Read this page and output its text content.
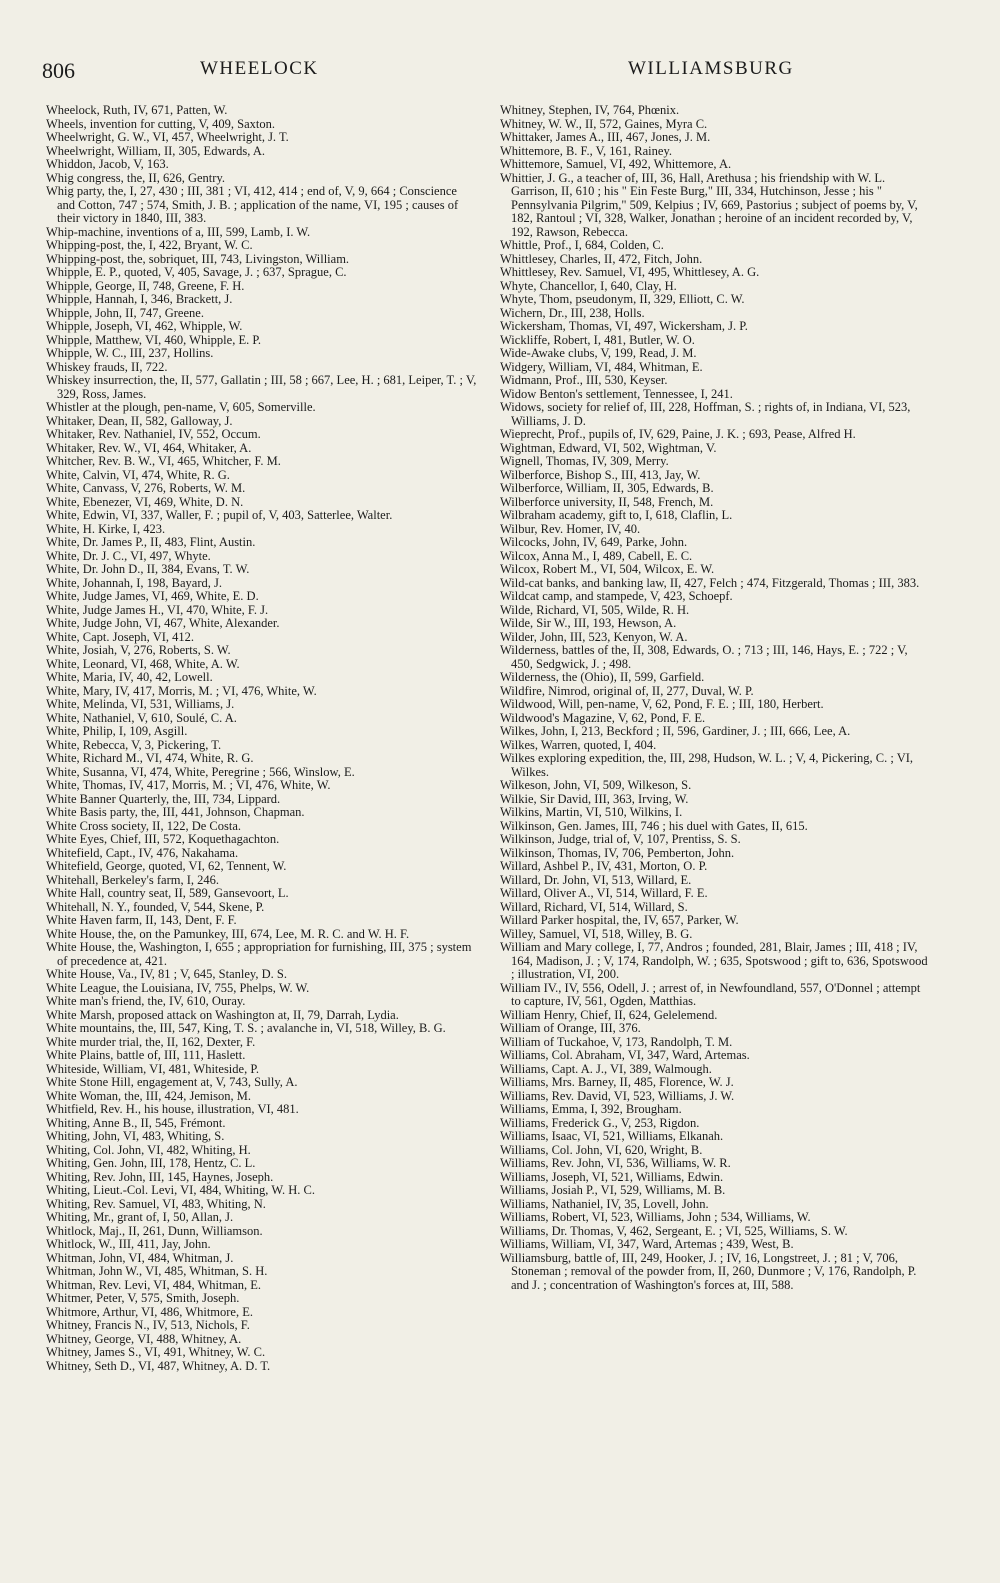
806	WHEELOCK	WILLIAMSBURG

Wheelock, Ruth, IV, 671, Patten, W.

Wheels, invention for cutting, V, 409, Saxton.

Wheelwright, G. W., VI, 457, Wheelwright, J. T.

Wheelwright, William, II, 305, Edwards, A.

Whiddon, Jacob, V, 163.

Whig congress, the, II, 626, Gentry.

Whig party, the, I, 27, 430 ; III, 381 ; VI, 412, 414 ; end of, V, 9, 664 ; Conscience and Cotton, 747 ; 574, Smith, J. B. ; application of the name, VI, 195 ; causes of their victory in 1840, III, 383.

Whip-machine, inventions of a, III, 599, Lamb, I. W.

Whipping-post, the, I, 422, Bryant, W. C.

Whipping-post, the, sobriquet, III, 743, Livingston, William.

Whipple, E. P., quoted, V, 405, Savage, J. ; 637, Sprague, C.

Whipple, George, II, 748, Greene, F. H.

Whipple, Hannah, I, 346, Brackett, J.

Whipple, John, II, 747, Greene.

Whipple, Joseph, VI, 462, Whipple, W.

Whipple, Matthew, VI, 460, Whipple, E. P.

Whipple, W. C., III, 237, Hollins.

Whiskey frauds, II, 722.

Whiskey insurrection, the, II, 577, Gallatin ; III, 58 ; 667, Lee, H. ; 681, Leiper, T. ; V, 329, Ross, James.

Whistler at the plough, pen-name, V, 605, Somerville.

Whitaker, Dean, II, 582, Galloway, J.

Whitaker, Rev. Nathaniel, IV, 552, Occum.

Whitaker, Rev. W., VI, 464, Whitaker, A.

Whitcher, Rev. B. W., VI, 465, Whitcher, F. M.

White, Calvin, VI, 474, White, R. G.

White, Canvass, V, 276, Roberts, W. M.

White, Ebenezer, VI, 469, White, D. N.

White, Edwin, VI, 337, Waller, F. ; pupil of, V, 403, Satterlee, Walter.

White, H. Kirke, I, 423.

White, Dr. James P., II, 483, Flint, Austin.

White, Dr. J. C., VI, 497, Whyte.

White, Dr. John D., II, 384, Evans, T. W.

White, Johannah, I, 198, Bayard, J.

White, Judge James, VI, 469, White, E. D.

White, Judge James H., VI, 470, White, F. J.

White, Judge John, VI, 467, White, Alexander.

White, Capt. Joseph, VI, 412.

White, Josiah, V, 276, Roberts, S. W.

White, Leonard, VI, 468, White, A. W.

White, Maria, IV, 40, 42, Lowell.

White, Mary, IV, 417, Morris, M. ; VI, 476, White, W.

White, Melinda, VI, 531, Williams, J.

White, Nathaniel, V, 610, Soulé, C. A.

White, Philip, I, 109, Asgill.

White, Rebecca, V, 3, Pickering, T.

White, Richard M., VI, 474, White, R. G.

White, Susanna, VI, 474, White, Peregrine ; 566, Winslow, E.

White, Thomas, IV, 417, Morris, M. ; VI, 476, White, W.

White Banner Quarterly, the, III, 734, Lippard.

White Basis party, the, III, 441, Johnson, Chapman.

White Cross society, II, 122, De Costa.

White Eyes, Chief, III, 572, Koquethagachton.

Whitefield, Capt., IV, 476, Nakahama.

Whitefield, George, quoted, VI, 62, Tennent, W.

Whitehall, Berkeley's farm, I, 246.

White Hall, country seat, II, 589, Gansevoort, L.

Whitehall, N. Y., founded, V, 544, Skene, P.

White Haven farm, II, 143, Dent, F. F.

White House, the, on the Pamunkey, III, 674, Lee, M. R. C. and W. H. F.

White House, the, Washington, I, 655 ; appropriation for furnishing, III, 375 ; system of precedence at, 421.

White House, Va., IV, 81 ; V, 645, Stanley, D. S.

White League, the Louisiana, IV, 755, Phelps, W. W.

White man's friend, the, IV, 610, Ouray.

White Marsh, proposed attack on Washington at, II, 79, Darrah, Lydia.

White mountains, the, III, 547, King, T. S. ; avalanche in, VI, 518, Willey, B. G.

White murder trial, the, II, 162, Dexter, F.

White Plains, battle of, III, 111, Haslett.

Whiteside, William, VI, 481, Whiteside, P.

White Stone Hill, engagement at, V, 743, Sully, A.

White Woman, the, III, 424, Jemison, M.

Whitfield, Rev. H., his house, illustration, VI, 481.

Whiting, Anne B., II, 545, Frémont.

Whiting, John, VI, 483, Whiting, S.

Whiting, Col. John, VI, 482, Whiting, H.

Whiting, Gen. John, III, 178, Hentz, C. L.

Whiting, Rev. John, III, 145, Haynes, Joseph.

Whiting, Lieut.-Col. Levi, VI, 484, Whiting, W. H. C.

Whiting, Rev. Samuel, VI, 483, Whiting, N.

Whiting, Mr., grant of, I, 50, Allan, J.

Whitlock, Maj., II, 261, Dunn, Williamson.

Whitlock, W., III, 411, Jay, John.

Whitman, John, VI, 484, Whitman, J.

Whitman, John W., VI, 485, Whitman, S. H.

Whitman, Rev. Levi, VI, 484, Whitman, E.

Whitmer, Peter, V, 575, Smith, Joseph.

Whitmore, Arthur, VI, 486, Whitmore, E.

Whitney, Francis N., IV, 513, Nichols, F.

Whitney, George, VI, 488, Whitney, A.

Whitney, James S., VI, 491, Whitney, W. C.

Whitney, Seth D., VI, 487, Whitney, A. D. T.

Whitney, Stephen, IV, 764, Phœnix.

Whitney, W. W., II, 572, Gaines, Myra C.

Whittaker, James A., III, 467, Jones, J. M.

Whittemore, B. F., V, 161, Rainey.

Whittemore, Samuel, VI, 492, Whittemore, A.

Whittier, J. G., a teacher of, III, 36, Hall, Arethusa ; his friendship with W. L. Garrison, II, 610 ; his " Ein Feste Burg," III, 334, Hutchinson, Jesse ; his " Pennsylvania Pilgrim," 509, Kelpius ; IV, 669, Pastorius ; subject of poems by, V, 182, Rantoul ; VI, 328, Walker, Jonathan ; heroine of an incident recorded by, V, 192, Rawson, Rebecca.

Whittle, Prof., I, 684, Colden, C.

Whittlesey, Charles, II, 472, Fitch, John.

Whittlesey, Rev. Samuel, VI, 495, Whittlesey, A. G.

Whyte, Chancellor, I, 640, Clay, H.

Whyte, Thom, pseudonym, II, 329, Elliott, C. W.

Wichern, Dr., III, 238, Holls.

Wickersham, Thomas, VI, 497, Wickersham, J. P.

Wickliffe, Robert, I, 481, Butler, W. O.

Wide-Awake clubs, V, 199, Read, J. M.

Widgery, William, VI, 484, Whitman, E.

Widmann, Prof., III, 530, Keyser.

Widow Benton's settlement, Tennessee, I, 241.

Widows, society for relief of, III, 228, Hoffman, S. ; rights of, in Indiana, VI, 523, Williams, J. D.

Wieprecht, Prof., pupils of, IV, 629, Paine, J. K. ; 693, Pease, Alfred H.

Wightman, Edward, VI, 502, Wightman, V.

Wignell, Thomas, IV, 309, Merry.

Wilberforce, Bishop S., III, 413, Jay, W.

Wilberforce, William, II, 305, Edwards, B.

Wilberforce university, II, 548, French, M.

Wilbraham academy, gift to, I, 618, Claflin, L.

Wilbur, Rev. Homer, IV, 40.

Wilcocks, John, IV, 649, Parke, John.

Wilcox, Anna M., I, 489, Cabell, E. C.

Wilcox, Robert M., VI, 504, Wilcox, E. W.

Wild-cat banks, and banking law, II, 427, Felch ; 474, Fitzgerald, Thomas ; III, 383.

Wildcat camp, and stampede, V, 423, Schoepf.

Wilde, Richard, VI, 505, Wilde, R. H.

Wilde, Sir W., III, 193, Hewson, A.

Wilder, John, III, 523, Kenyon, W. A.

Wilderness, battles of the, II, 308, Edwards, O. ; 713 ; III, 146, Hays, E. ; 722 ; V, 450, Sedgwick, J. ; 498.

Wilderness, the (Ohio), II, 599, Garfield.

Wildfire, Nimrod, original of, II, 277, Duval, W. P.

Wildwood, Will, pen-name, V, 62, Pond, F. E. ; III, 180, Herbert.

Wildwood's Magazine, V, 62, Pond, F. E.

Wilkes, John, I, 213, Beckford ; II, 596, Gardiner, J. ; III, 666, Lee, A.

Wilkes, Warren, quoted, I, 404.

Wilkes exploring expedition, the, III, 298, Hudson, W. L. ; V, 4, Pickering, C. ; VI, Wilkes.

Wilkeson, John, VI, 509, Wilkeson, S.

Wilkie, Sir David, III, 363, Irving, W.

Wilkins, Martin, VI, 510, Wilkins, I.

Wilkinson, Gen. James, III, 746 ; his duel with Gates, II, 615.

Wilkinson, Judge, trial of, V, 107, Prentiss, S. S.

Wilkinson, Thomas, IV, 706, Pemberton, John.

Willard, Ashbel P., IV, 431, Morton, O. P.

Willard, Dr. John, VI, 513, Willard, E.

Willard, Oliver A., VI, 514, Willard, F. E.

Willard, Richard, VI, 514, Willard, S.

Willard Parker hospital, the, IV, 657, Parker, W.

Willey, Samuel, VI, 518, Willey, B. G.

William and Mary college, I, 77, Andros ; founded, 281, Blair, James ; III, 418 ; IV, 164, Madison, J. ; V, 174, Randolph, W. ; 635, Spotswood ; gift to, 636, Spotswood ; illustration, VI, 200.

William IV., IV, 556, Odell, J. ; arrest of, in Newfoundland, 557, O'Donnel ; attempt to capture, IV, 561, Ogden, Matthias.

William Henry, Chief, II, 624, Gelelemend.

William of Orange, III, 376.

William of Tuckahoe, V, 173, Randolph, T. M.

Williams, Col. Abraham, VI, 347, Ward, Artemas.

Williams, Capt. A. J., VI, 389, Walmough.

Williams, Mrs. Barney, II, 485, Florence, W. J.

Williams, Rev. David, VI, 523, Williams, J. W.

Williams, Emma, I, 392, Brougham.

Williams, Frederick G., V, 253, Rigdon.

Williams, Isaac, VI, 521, Williams, Elkanah.

Williams, Col. John, VI, 620, Wright, B.

Williams, Rev. John, VI, 536, Williams, W. R.

Williams, Joseph, VI, 521, Williams, Edwin.

Williams, Josiah P., VI, 529, Williams, M. B.

Williams, Nathaniel, IV, 35, Lovell, John.

Williams, Robert, VI, 523, Williams, John ; 534, Williams, W.

Williams, Dr. Thomas, V, 462, Sergeant, E. ; VI, 525, Williams, S. W.

Williams, William, VI, 347, Ward, Artemas ; 439, West, B.

Williamsburg, battle of, III, 249, Hooker, J. ; IV, 16, Longstreet, J. ; 81 ; V, 706, Stoneman ; removal of the powder from, II, 260, Dunmore ; V, 176, Randolph, P. and J. ; concentration of Washington's forces at, III, 588.
